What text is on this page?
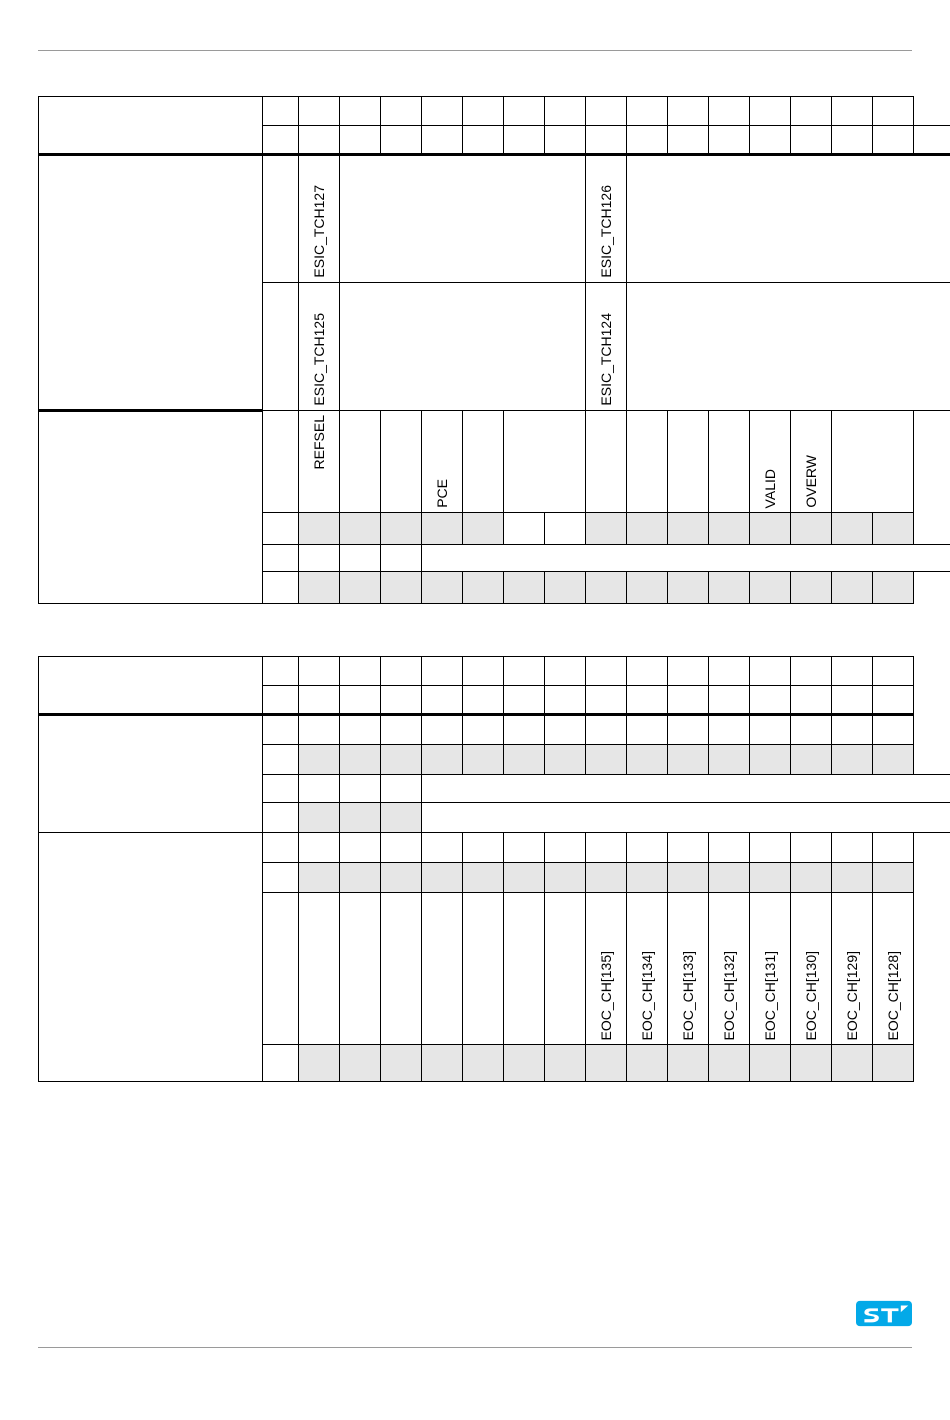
		ESIC_TCH127							ESIC_TCH126								

		ESIC_TCH125							ESIC_TCH124								

		REFSEL			PCE								VALID	OVERW			

									EOC_CH[135]	EOC_CH[134]	EOC_CH[133]	EOC_CH[132]	EOC_CH[131]	EOC_CH[130]	EOC_CH[129]	EOC_CH[128]
